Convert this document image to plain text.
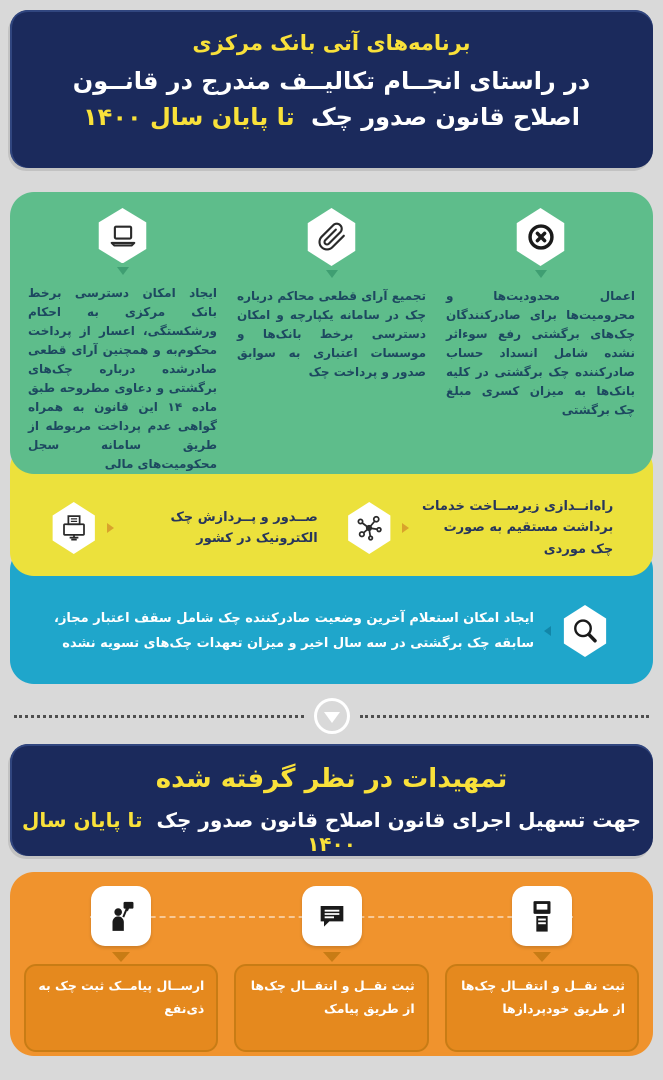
برنامه‌های آتی بانک مرکزی
در راستای انجــام تکالیــف مندرج در قانــون
اصلاح قانون صدور چک تا پایان سال ۱۴۰۰

اعمال محدودیت‌ها و محرومیت‌ها برای صادرکنندگان چک‌های برگشتی رفع سوءاثر نشده شامل انسداد حساب صادرکننده چک برگشتی در کلیه بانک‌ها به میزان کسری مبلغ چک برگشتی

تجمیع آرای قطعی محاکم درباره چک در سامانه یکپارچه و امکان دسترسی برخط بانک‌ها و موسسات اعتباری به سوابق صدور و پرداخت چک

ایجاد امکان دسترسی برخط بانک مرکزی به احکام ورشکستگی، اعسار از پرداخت محکوم‌به و همچنین آرای قطعی صادرشده درباره چک‌های برگشتی و دعاوی مطروحه طبق ماده ۱۴ این قانون به همراه گواهی عدم پرداخت مربوطه از طریق سامانه سجل محکومیت‌های مالی

راه‌انــدازی زیرســاخت خدمات برداشت مستقیم به صورت چک موردی

صــدور و پــردازش چک الکترونیک در کشور

ایجاد امکان استعلام آخرین وضعیت صادرکننده چک شامل سقف اعتبار مجاز، سابقه چک برگشتی در سه سال اخیر و میزان تعهدات چک‌های تسویه نشده

تمهیدات در نظر گرفته شده
جهت تسهیل اجرای قانون اصلاح قانون صدور چک تا پایان سال ۱۴۰۰

ثبت نقــل و انتقــال چک‌ها از طریق خودپردازها

ثبت نقــل و انتقــال چک‌ها از طریق پیامک

ارســال پیامــک ثبت چک به ذی‌نفع
